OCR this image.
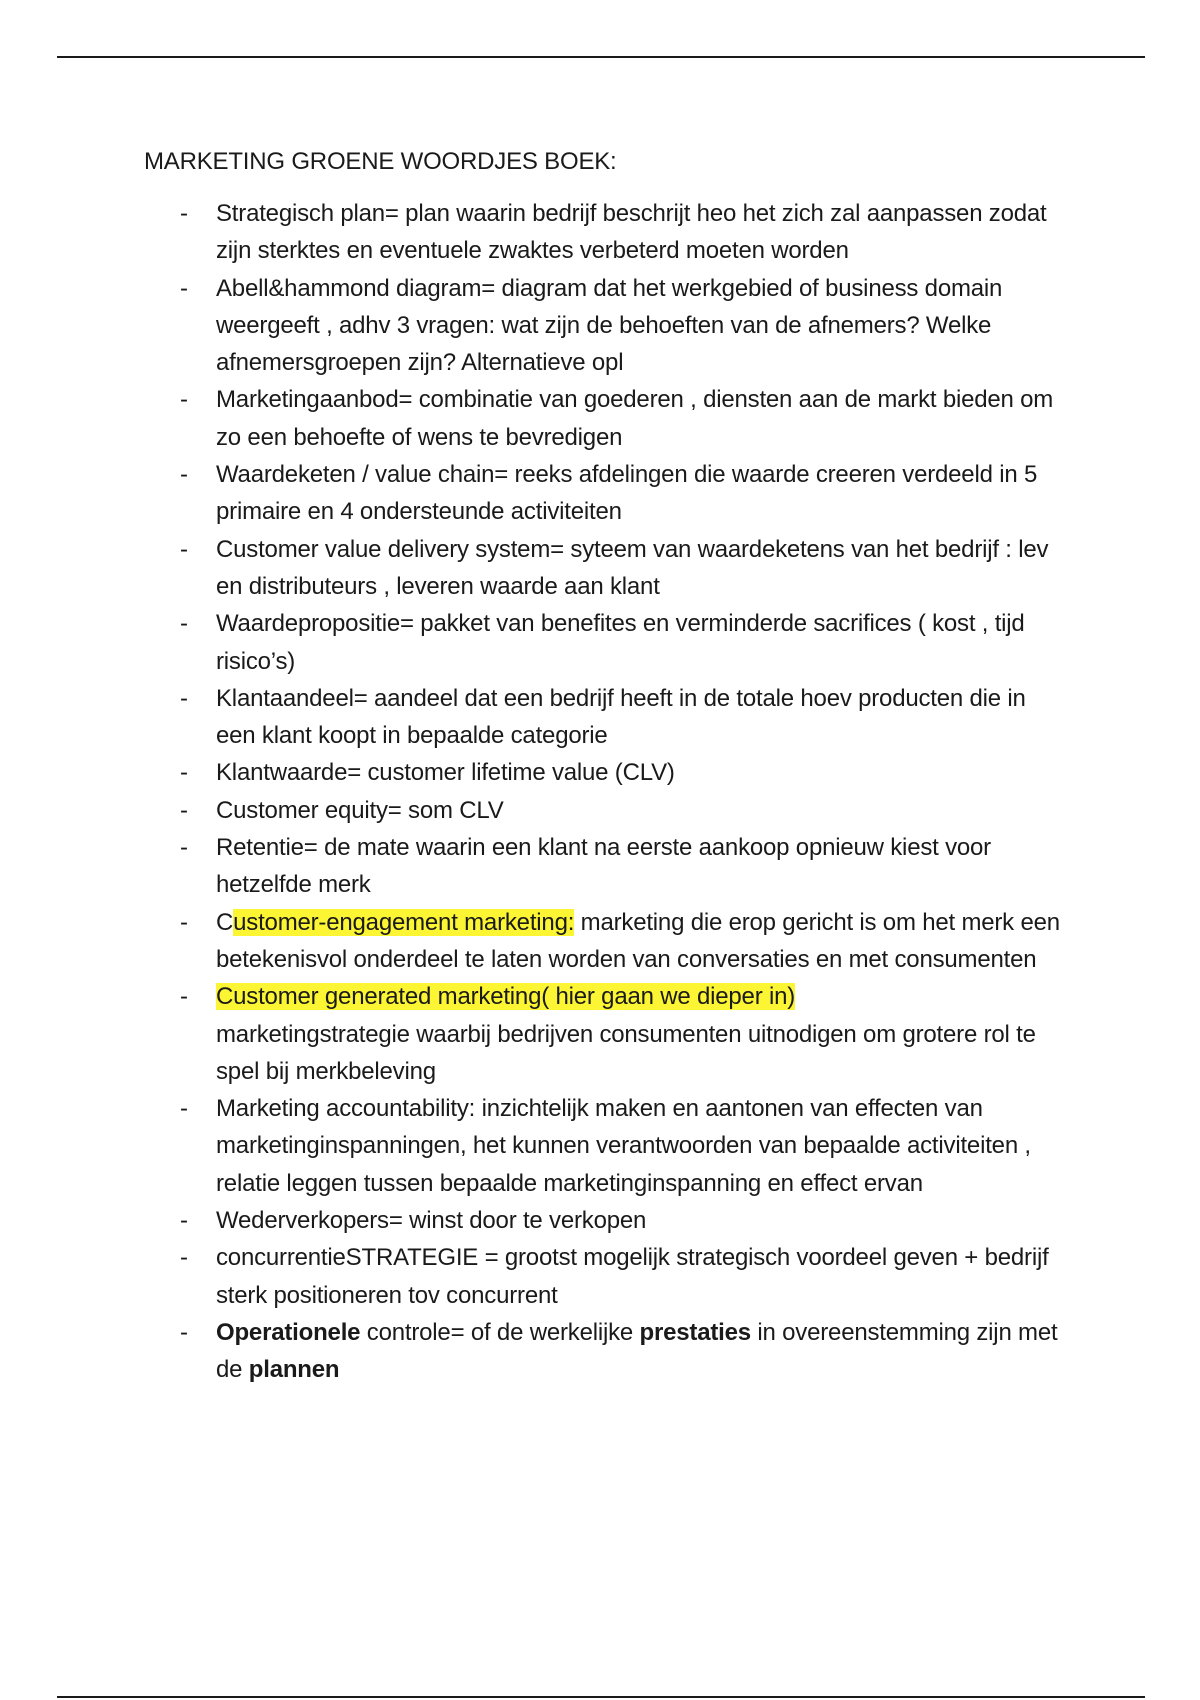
MARKETING GROENE WOORDJES BOEK:
- Strategisch plan= plan waarin bedrijf beschrijt heo het zich zal aanpassen zodat zijn sterktes en eventuele zwaktes verbeterd moeten worden
- Abell&hammond diagram= diagram dat het werkgebied of business domain weergeeft , adhv 3 vragen: wat zijn de behoeften van de afnemers? Welke afnemersgroepen zijn? Alternatieve opl
- Marketingaanbod= combinatie van goederen , diensten aan de markt bieden om zo een behoefte of wens te bevredigen
- Waardeketen / value chain= reeks afdelingen die waarde creeren verdeeld in 5 primaire en 4 ondersteunde activiteiten
- Customer value delivery system= syteem van waardeketens van het bedrijf : lev en distributeurs , leveren waarde aan klant
- Waardepropositie= pakket van benefites en verminderde sacrifices ( kost , tijd risico’s)
- Klantaandeel= aandeel dat een bedrijf heeft in de totale hoev producten die in een klant koopt in bepaalde categorie
- Klantwaarde= customer lifetime value (CLV)
- Customer equity= som CLV
- Retentie= de mate waarin een klant na eerste aankoop opnieuw kiest voor hetzelfde merk
- Customer-engagement marketing: marketing die erop gericht is om het merk een betekenisvol onderdeel te laten worden van conversaties en met consumenten
- Customer generated marketing( hier gaan we dieper in)
marketingstrategie waarbij bedrijven consumenten uitnodigen om grotere rol te spel bij merkbeleving
- Marketing accountability: inzichtelijk maken en aantonen van effecten van marketinginspanningen, het kunnen verantwoorden van bepaalde activiteiten , relatie leggen tussen bepaalde marketinginspanning en effect ervan
- Wederverkopers= winst door te verkopen
- concurrentieSTRATEGIE = grootst mogelijk strategisch voordeel geven + bedrijf sterk positioneren tov concurrent
- Operationele controle= of de werkelijke prestaties in overeenstemming zijn met de plannen
